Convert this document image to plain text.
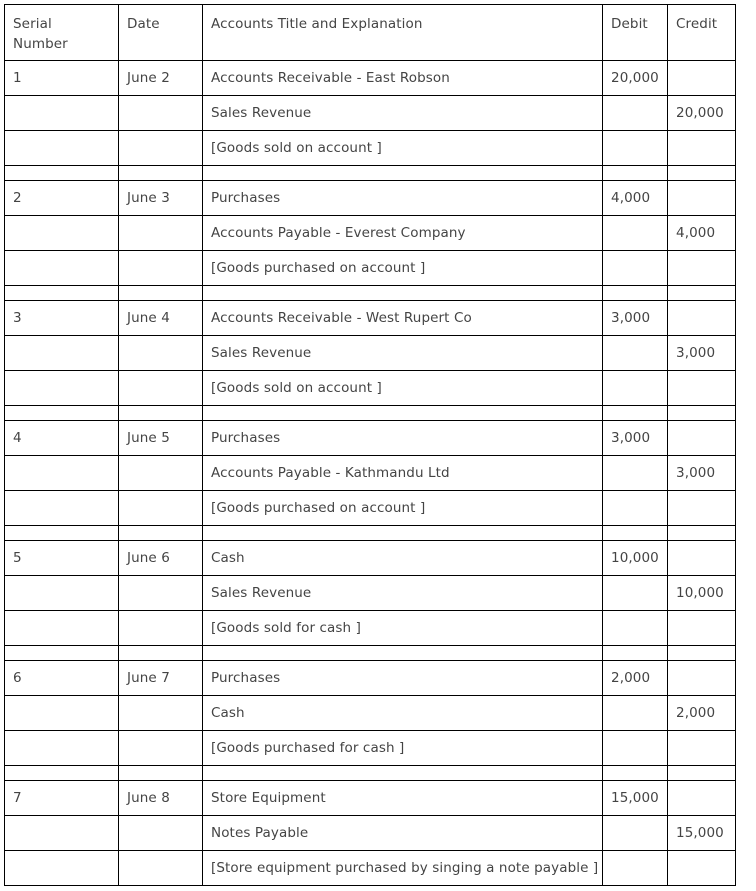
Serial Number	Date	Accounts Title and Explanation	Debit	Credit
1	June 2	Accounts Receivable - East Robson	20,000	
		Sales Revenue		20,000
		[Goods sold on account ]		

2	June 3	Purchases	4,000	
		Accounts Payable - Everest Company		4,000
		[Goods purchased on account ]		

3	June 4	Accounts Receivable - West Rupert Co	3,000	
		Sales Revenue		3,000
		[Goods sold on account ]		

4	June 5	Purchases	3,000	
		Accounts Payable - Kathmandu Ltd		3,000
		[Goods purchased on account ]		

5	June 6	Cash	10,000	
		Sales Revenue		10,000
		[Goods sold for cash ]		

6	June 7	Purchases	2,000	
		Cash		2,000
		[Goods purchased for cash ]		

7	June 8	Store Equipment	15,000	
		Notes Payable		15,000
		[Store equipment purchased by singing a note payable ]		
